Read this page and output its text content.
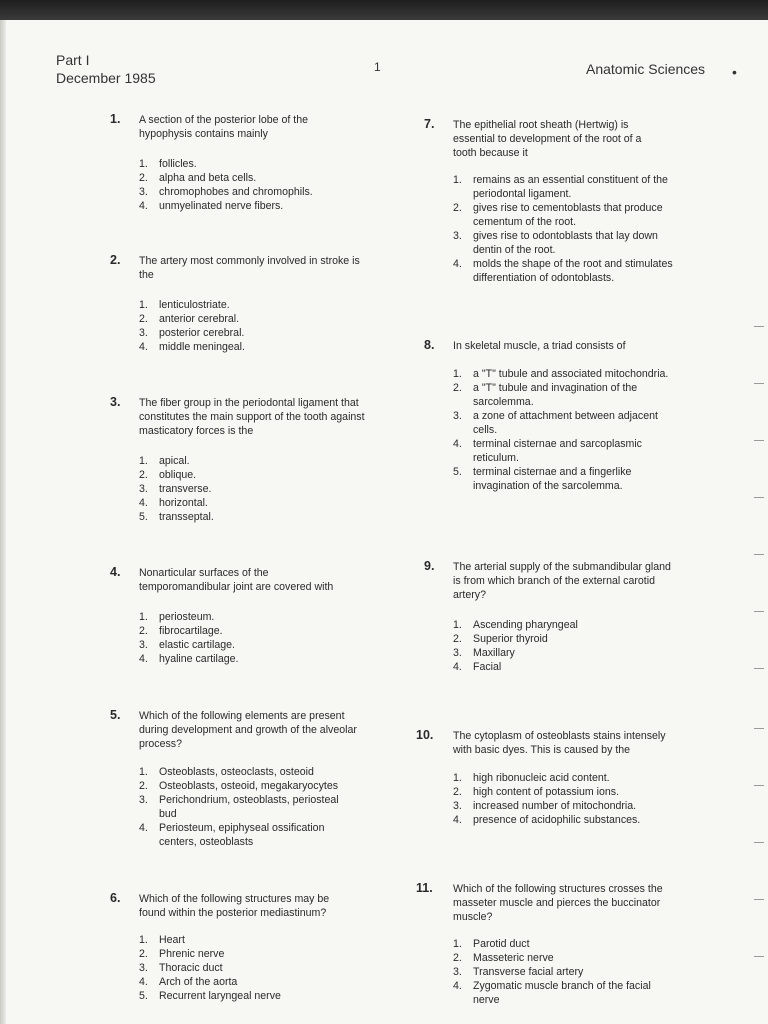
Part I
December 1985
1	Anatomic Sciences •
1. A section of the posterior lobe of the hypophysis contains mainly

1. follicles.
2. alpha and beta cells.
3. chromophobes and chromophils.
4. unmyelinated nerve fibers.
2. The artery most commonly involved in stroke is the

1. lenticulostriate.
2. anterior cerebral.
3. posterior cerebral.
4. middle meningeal.
3. The fiber group in the periodontal ligament that constitutes the main support of the tooth against masticatory forces is the

1. apical.
2. oblique.
3. transverse.
4. horizontal.
5. transseptal.
4. Nonarticular surfaces of the temporomandibular joint are covered with

1. periosteum.
2. fibrocartilage.
3. elastic cartilage.
4. hyaline cartilage.
5. Which of the following elements are present during development and growth of the alveolar process?

1. Osteoblasts, osteoclasts, osteoid
2. Osteoblasts, osteoid, megakaryocytes
3. Perichondrium, osteoblasts, periosteal bud
4. Periosteum, epiphyseal ossification centers, osteoblasts
6. Which of the following structures may be found within the posterior mediastinum?

1. Heart
2. Phrenic nerve
3. Thoracic duct
4. Arch of the aorta
5. Recurrent laryngeal nerve
7. The epithelial root sheath (Hertwig) is essential to development of the root of a tooth because it

1. remains as an essential constituent of the periodontal ligament.
2. gives rise to cementoblasts that produce cementum of the root.
3. gives rise to odontoblasts that lay down dentin of the root.
4. molds the shape of the root and stimulates differentiation of odontoblasts.
8. In skeletal muscle, a triad consists of

1. a "T" tubule and associated mitochondria.
2. a "T" tubule and invagination of the sarcolemma.
3. a zone of attachment between adjacent cells.
4. terminal cisternae and sarcoplasmic reticulum.
5. terminal cisternae and a fingerlike invagination of the sarcolemma.
9. The arterial supply of the submandibular gland is from which branch of the external carotid artery?

1. Ascending pharyngeal
2. Superior thyroid
3. Maxillary
4. Facial
10. The cytoplasm of osteoblasts stains intensely with basic dyes. This is caused by the

1. high ribonucleic acid content.
2. high content of potassium ions.
3. increased number of mitochondria.
4. presence of acidophilic substances.
11. Which of the following structures crosses the masseter muscle and pierces the buccinator muscle?

1. Parotid duct
2. Masseteric nerve
3. Transverse facial artery
4. Zygomatic muscle branch of the facial nerve
